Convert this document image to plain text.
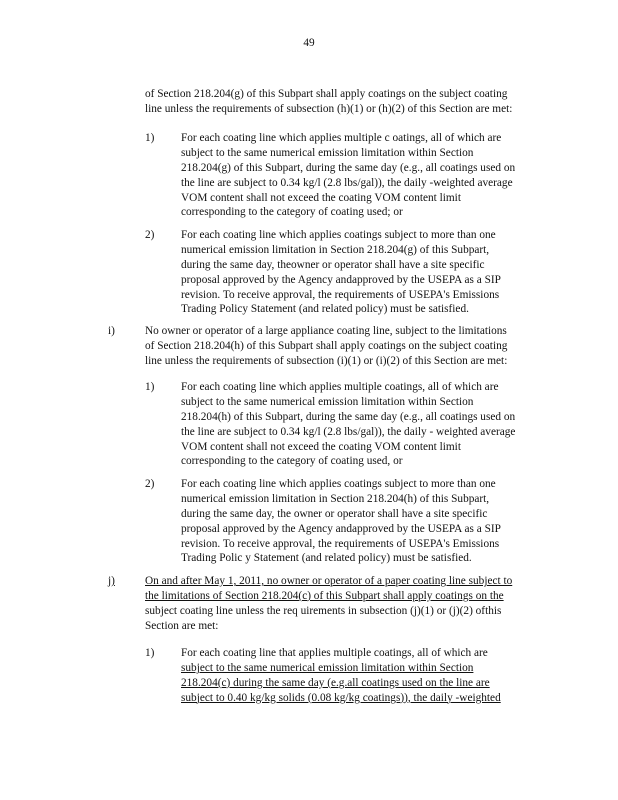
49
of Section 218.204(g) of this Subpart shall apply coatings on the subject coating
line unless the requirements of subsection (h)(1) or (h)(2) of this Section are met:
1) For each coating line which applies multiple c oatings, all of which are
subject to the same numerical emission limitation within Section
218.204(g) of this Subpart, during the same day (e.g., all coatings used on
the line are subject to 0.34 kg/l (2.8 lbs/gal)), the daily -weighted average
VOM content shall not exceed the coating VOM content limit
corresponding to the category of coating used; or
2) For each coating line which applies coatings subject to more than one
numerical emission limitation in Section 218.204(g) of this Subpart,
during the same day, theowner or operator shall have a site specific
proposal approved by the Agency andapproved by the USEPA as a SIP
revision. To receive approval, the requirements of USEPA's Emissions
Trading Policy Statement (and related policy) must be satisfied.
i)	No owner or operator of a large appliance coating line, subject to the limitations
of Section 218.204(h) of this Subpart shall apply coatings on the subject coating
line unless the requirements of subsection (i)(1) or (i)(2) of this Section are met:
1) For each coating line which applies multiple coatings, all of which are
subject to the same numerical emission limitation within Section
218.204(h) of this Subpart, during the same day (e.g., all coatings used on
the line are subject to 0.34 kg/l (2.8 lbs/gal)), the daily - weighted average
VOM content shall not exceed the coating VOM content limit
corresponding to the category of coating used, or
2) For each coating line which applies coatings subject to more than one
numerical emission limitation in Section 218.204(h) of this Subpart,
during the same day, the owner or operator shall have a site specific
proposal approved by the Agency andapproved by the USEPA as a SIP
revision. To receive approval, the requirements of USEPA's Emissions
Trading Polic y Statement (and related policy) must be satisfied.
j)	On and after May 1, 2011, no owner or operator of a paper coating line subject to
the limitations of Section 218.204(c) of this Subpart shall apply coatings on the
subject coating line unless the req uirements in subsection (j)(1) or (j)(2) ofthis
Section are met:
1) For each coating line that applies multiple coatings, all of which are
subject to the same numerical emission limitation within Section
218.204(c) during the same day (e.g.all coatings used on the line are
subject to 0.40 kg/kg solids (0.08 kg/kg coatings)), the daily -weighted
